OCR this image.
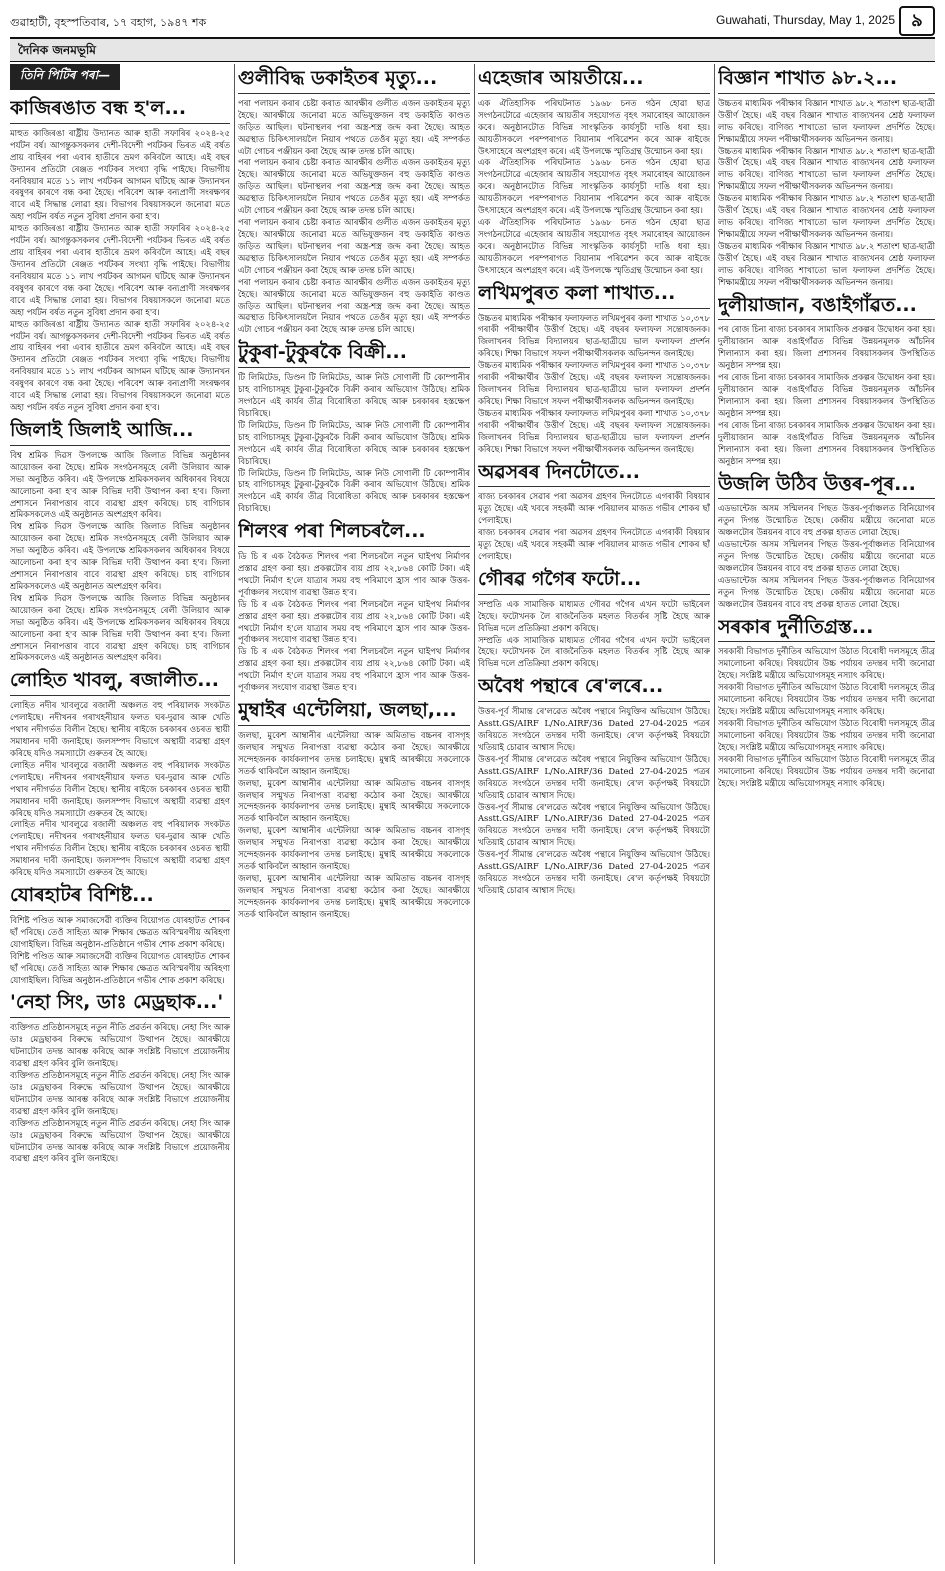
গুৱাহাটী, বৃহস্পতিবাৰ, ১৭ বহাগ, ১৯৪৭ শক	Guwahati, Thursday, May 1, 2025 ৯
দৈনিক জনমভূমি
তিনি পিটিৰ পৰা—
কাজিৰঙাত বন্ধ হ'ল...

মাহুত কাজিৰঙা ৰাষ্ট্ৰীয় উদ্যানত আৰু হাতী সফাৰিৰ ২০২৪-২৫ পৰ্যটন বৰ্ষ। আগন্তুকসকলৰ দেশী-বিদেশী পৰ্যটকৰ ভিৰত এই বৰ্ষত প্ৰায় বাহিৰৰ পৰা এবাৰ হাতীৰে ভ্ৰমণ কৰিবলৈ আহে। এই বছৰ উদ্যানৰ প্ৰতিটো ৰেঞ্জত পৰ্যটকৰ সংখ্যা বৃদ্ধি পাইছে। বিভাগীয় বনবিষয়াৰ মতে ১১ লাখ পৰ্যটকৰ আগমন ঘটিছে আৰু উদ্যানখন বৰষুণৰ কাৰণে বন্ধ কৰা হৈছে। পৰিবেশ আৰু বন্যপ্ৰাণী সংৰক্ষণৰ বাবে এই সিদ্ধান্ত লোৱা হয়। বিভাগৰ বিষয়াসকলে জনোৱা মতে অহা পৰ্যটন বৰ্ষত নতুন সুবিধা প্ৰদান কৰা হ'ব।

মাহুত কাজিৰঙা ৰাষ্ট্ৰীয় উদ্যানত আৰু হাতী সফাৰিৰ ২০২৪-২৫ পৰ্যটন বৰ্ষ। আগন্তুকসকলৰ দেশী-বিদেশী পৰ্যটকৰ ভিৰত এই বৰ্ষত প্ৰায় বাহিৰৰ পৰা এবাৰ হাতীৰে ভ্ৰমণ কৰিবলৈ আহে। এই বছৰ উদ্যানৰ প্ৰতিটো ৰেঞ্জত পৰ্যটকৰ সংখ্যা বৃদ্ধি পাইছে। বিভাগীয় বনবিষয়াৰ মতে ১১ লাখ পৰ্যটকৰ আগমন ঘটিছে আৰু উদ্যানখন বৰষুণৰ কাৰণে বন্ধ কৰা হৈছে। পৰিবেশ আৰু বন্যপ্ৰাণী সংৰক্ষণৰ বাবে এই সিদ্ধান্ত লোৱা হয়। বিভাগৰ বিষয়াসকলে জনোৱা মতে অহা পৰ্যটন বৰ্ষত নতুন সুবিধা প্ৰদান কৰা হ'ব।

মাহুত কাজিৰঙা ৰাষ্ট্ৰীয় উদ্যানত আৰু হাতী সফাৰিৰ ২০২৪-২৫ পৰ্যটন বৰ্ষ। আগন্তুকসকলৰ দেশী-বিদেশী পৰ্যটকৰ ভিৰত এই বৰ্ষত প্ৰায় বাহিৰৰ পৰা এবাৰ হাতীৰে ভ্ৰমণ কৰিবলৈ আহে। এই বছৰ উদ্যানৰ প্ৰতিটো ৰেঞ্জত পৰ্যটকৰ সংখ্যা বৃদ্ধি পাইছে। বিভাগীয় বনবিষয়াৰ মতে ১১ লাখ পৰ্যটকৰ আগমন ঘটিছে আৰু উদ্যানখন বৰষুণৰ কাৰণে বন্ধ কৰা হৈছে। পৰিবেশ আৰু বন্যপ্ৰাণী সংৰক্ষণৰ বাবে এই সিদ্ধান্ত লোৱা হয়। বিভাগৰ বিষয়াসকলে জনোৱা মতে অহা পৰ্যটন বৰ্ষত নতুন সুবিধা প্ৰদান কৰা হ'ব।

জিলাই জিলাই আজি...

বিশ্ব শ্ৰমিক দিৱস উপলক্ষে আজি জিলাত বিভিন্ন অনুষ্ঠানৰ আয়োজন কৰা হৈছে। শ্ৰমিক সংগঠনসমূহে ৰেলী উলিয়াব আৰু সভা অনুষ্ঠিত কৰিব। এই উপলক্ষে শ্ৰমিকসকলৰ অধিকাৰৰ বিষয়ে আলোচনা কৰা হ'ব আৰু বিভিন্ন দাবী উত্থাপন কৰা হ'ব। জিলা প্ৰশাসনে নিৰাপত্তাৰ বাবে ব্যৱস্থা গ্ৰহণ কৰিছে। চাহ বাগিচাৰ শ্ৰমিকসকলেও এই অনুষ্ঠানত অংশগ্ৰহণ কৰিব।

বিশ্ব শ্ৰমিক দিৱস উপলক্ষে আজি জিলাত বিভিন্ন অনুষ্ঠানৰ আয়োজন কৰা হৈছে। শ্ৰমিক সংগঠনসমূহে ৰেলী উলিয়াব আৰু সভা অনুষ্ঠিত কৰিব। এই উপলক্ষে শ্ৰমিকসকলৰ অধিকাৰৰ বিষয়ে আলোচনা কৰা হ'ব আৰু বিভিন্ন দাবী উত্থাপন কৰা হ'ব। জিলা প্ৰশাসনে নিৰাপত্তাৰ বাবে ব্যৱস্থা গ্ৰহণ কৰিছে। চাহ বাগিচাৰ শ্ৰমিকসকলেও এই অনুষ্ঠানত অংশগ্ৰহণ কৰিব।

বিশ্ব শ্ৰমিক দিৱস উপলক্ষে আজি জিলাত বিভিন্ন অনুষ্ঠানৰ আয়োজন কৰা হৈছে। শ্ৰমিক সংগঠনসমূহে ৰেলী উলিয়াব আৰু সভা অনুষ্ঠিত কৰিব। এই উপলক্ষে শ্ৰমিকসকলৰ অধিকাৰৰ বিষয়ে আলোচনা কৰা হ'ব আৰু বিভিন্ন দাবী উত্থাপন কৰা হ'ব। জিলা প্ৰশাসনে নিৰাপত্তাৰ বাবে ব্যৱস্থা গ্ৰহণ কৰিছে। চাহ বাগিচাৰ শ্ৰমিকসকলেও এই অনুষ্ঠানত অংশগ্ৰহণ কৰিব।

লোহিত খাবলু, ৰজালীত...

লোহিত নদীৰ খাবলুৱে ৰজালী অঞ্চলত বহু পৰিয়ালক সংকটত পেলাইছে। নদীখনৰ গৰাখহনীয়াৰ ফলত ঘৰ-দুৱাৰ আৰু খেতি পথাৰ নদীগৰ্ভত বিলীন হৈছে। স্থানীয় ৰাইজে চৰকাৰৰ ওচৰত স্থায়ী সমাধানৰ দাবী জনাইছে। জলসম্পদ বিভাগে অস্থায়ী ব্যৱস্থা গ্ৰহণ কৰিছে যদিও সমস্যাটো গুৰুতৰ হৈ আছে।

লোহিত নদীৰ খাবলুৱে ৰজালী অঞ্চলত বহু পৰিয়ালক সংকটত পেলাইছে। নদীখনৰ গৰাখহনীয়াৰ ফলত ঘৰ-দুৱাৰ আৰু খেতি পথাৰ নদীগৰ্ভত বিলীন হৈছে। স্থানীয় ৰাইজে চৰকাৰৰ ওচৰত স্থায়ী সমাধানৰ দাবী জনাইছে। জলসম্পদ বিভাগে অস্থায়ী ব্যৱস্থা গ্ৰহণ কৰিছে যদিও সমস্যাটো গুৰুতৰ হৈ আছে।

লোহিত নদীৰ খাবলুৱে ৰজালী অঞ্চলত বহু পৰিয়ালক সংকটত পেলাইছে। নদীখনৰ গৰাখহনীয়াৰ ফলত ঘৰ-দুৱাৰ আৰু খেতি পথাৰ নদীগৰ্ভত বিলীন হৈছে। স্থানীয় ৰাইজে চৰকাৰৰ ওচৰত স্থায়ী সমাধানৰ দাবী জনাইছে। জলসম্পদ বিভাগে অস্থায়ী ব্যৱস্থা গ্ৰহণ কৰিছে যদিও সমস্যাটো গুৰুতৰ হৈ আছে।

যোৰহাটৰ বিশিষ্ট...

বিশিষ্ট পণ্ডিত আৰু সমাজসেৱী ব্যক্তিৰ বিয়োগত যোৰহাটত শোকৰ ছাঁ পৰিছে। তেওঁ সাহিত্য আৰু শিক্ষাৰ ক্ষেত্ৰত অবিস্মৰণীয় অৰিহণা যোগাইছিল। বিভিন্ন অনুষ্ঠান-প্ৰতিষ্ঠানে গভীৰ শোক প্ৰকাশ কৰিছে।

বিশিষ্ট পণ্ডিত আৰু সমাজসেৱী ব্যক্তিৰ বিয়োগত যোৰহাটত শোকৰ ছাঁ পৰিছে। তেওঁ সাহিত্য আৰু শিক্ষাৰ ক্ষেত্ৰত অবিস্মৰণীয় অৰিহণা যোগাইছিল। বিভিন্ন অনুষ্ঠান-প্ৰতিষ্ঠানে গভীৰ শোক প্ৰকাশ কৰিছে।

'নেহা সিং, ডাঃ মেড্ৰছাক...'

ব্যক্তিগত প্ৰতিষ্ঠানসমূহে নতুন নীতি প্ৰৱৰ্তন কৰিছে। নেহা সিং আৰু ডাঃ মেড্ৰছাকৰ বিৰুদ্ধে অভিযোগ উত্থাপন হৈছে। আৰক্ষীয়ে ঘটনাটোৰ তদন্ত আৰম্ভ কৰিছে আৰু সংশ্লিষ্ট বিভাগে প্ৰয়োজনীয় ব্যৱস্থা গ্ৰহণ কৰিব বুলি জনাইছে।

ব্যক্তিগত প্ৰতিষ্ঠানসমূহে নতুন নীতি প্ৰৱৰ্তন কৰিছে। নেহা সিং আৰু ডাঃ মেড্ৰছাকৰ বিৰুদ্ধে অভিযোগ উত্থাপন হৈছে। আৰক্ষীয়ে ঘটনাটোৰ তদন্ত আৰম্ভ কৰিছে আৰু সংশ্লিষ্ট বিভাগে প্ৰয়োজনীয় ব্যৱস্থা গ্ৰহণ কৰিব বুলি জনাইছে।

ব্যক্তিগত প্ৰতিষ্ঠানসমূহে নতুন নীতি প্ৰৱৰ্তন কৰিছে। নেহা সিং আৰু ডাঃ মেড্ৰছাকৰ বিৰুদ্ধে অভিযোগ উত্থাপন হৈছে। আৰক্ষীয়ে ঘটনাটোৰ তদন্ত আৰম্ভ কৰিছে আৰু সংশ্লিষ্ট বিভাগে প্ৰয়োজনীয় ব্যৱস্থা গ্ৰহণ কৰিব বুলি জনাইছে।

গুলীবিদ্ধ ডকাইতৰ মৃত্যু...

পৰা পলায়ন কৰাৰ চেষ্টা কৰাত আৰক্ষীৰ গুলীত এজন ডকাইতৰ মৃত্যু হৈছে। আৰক্ষীয়ে জনোৱা মতে অভিযুক্তজন বহু ডকাইতি কাণ্ডত জড়িত আছিল। ঘটনাস্থলৰ পৰা অস্ত্ৰ-শস্ত্ৰ জব্দ কৰা হৈছে। আহত অৱস্থাত চিকিৎসালয়লৈ নিয়াৰ পথতে তেওঁৰ মৃত্যু হয়। এই সম্পৰ্কত এটা গোচৰ পঞ্জীয়ন কৰা হৈছে আৰু তদন্ত চলি আছে।

পৰা পলায়ন কৰাৰ চেষ্টা কৰাত আৰক্ষীৰ গুলীত এজন ডকাইতৰ মৃত্যু হৈছে। আৰক্ষীয়ে জনোৱা মতে অভিযুক্তজন বহু ডকাইতি কাণ্ডত জড়িত আছিল। ঘটনাস্থলৰ পৰা অস্ত্ৰ-শস্ত্ৰ জব্দ কৰা হৈছে। আহত অৱস্থাত চিকিৎসালয়লৈ নিয়াৰ পথতে তেওঁৰ মৃত্যু হয়। এই সম্পৰ্কত এটা গোচৰ পঞ্জীয়ন কৰা হৈছে আৰু তদন্ত চলি আছে।

পৰা পলায়ন কৰাৰ চেষ্টা কৰাত আৰক্ষীৰ গুলীত এজন ডকাইতৰ মৃত্যু হৈছে। আৰক্ষীয়ে জনোৱা মতে অভিযুক্তজন বহু ডকাইতি কাণ্ডত জড়িত আছিল। ঘটনাস্থলৰ পৰা অস্ত্ৰ-শস্ত্ৰ জব্দ কৰা হৈছে। আহত অৱস্থাত চিকিৎসালয়লৈ নিয়াৰ পথতে তেওঁৰ মৃত্যু হয়। এই সম্পৰ্কত এটা গোচৰ পঞ্জীয়ন কৰা হৈছে আৰু তদন্ত চলি আছে।

পৰা পলায়ন কৰাৰ চেষ্টা কৰাত আৰক্ষীৰ গুলীত এজন ডকাইতৰ মৃত্যু হৈছে। আৰক্ষীয়ে জনোৱা মতে অভিযুক্তজন বহু ডকাইতি কাণ্ডত জড়িত আছিল। ঘটনাস্থলৰ পৰা অস্ত্ৰ-শস্ত্ৰ জব্দ কৰা হৈছে। আহত অৱস্থাত চিকিৎসালয়লৈ নিয়াৰ পথতে তেওঁৰ মৃত্যু হয়। এই সম্পৰ্কত এটা গোচৰ পঞ্জীয়ন কৰা হৈছে আৰু তদন্ত চলি আছে।

টুকুৰা-টুকুৰকৈ বিক্ৰী...

টি লিমিটেড, ডিণ্ডন টি লিমিটেড, আৰু নিউ সোণালী টি কোম্পানীৰ চাহ বাগিচাসমূহ টুকুৰা-টুকুৰকৈ বিক্ৰী কৰাৰ অভিযোগ উঠিছে। শ্ৰমিক সংগঠনে এই কাৰ্যৰ তীব্ৰ বিৰোধিতা কৰিছে আৰু চৰকাৰৰ হস্তক্ষেপ বিচাৰিছে।

টি লিমিটেড, ডিণ্ডন টি লিমিটেড, আৰু নিউ সোণালী টি কোম্পানীৰ চাহ বাগিচাসমূহ টুকুৰা-টুকুৰকৈ বিক্ৰী কৰাৰ অভিযোগ উঠিছে। শ্ৰমিক সংগঠনে এই কাৰ্যৰ তীব্ৰ বিৰোধিতা কৰিছে আৰু চৰকাৰৰ হস্তক্ষেপ বিচাৰিছে।

টি লিমিটেড, ডিণ্ডন টি লিমিটেড, আৰু নিউ সোণালী টি কোম্পানীৰ চাহ বাগিচাসমূহ টুকুৰা-টুকুৰকৈ বিক্ৰী কৰাৰ অভিযোগ উঠিছে। শ্ৰমিক সংগঠনে এই কাৰ্যৰ তীব্ৰ বিৰোধিতা কৰিছে আৰু চৰকাৰৰ হস্তক্ষেপ বিচাৰিছে।

শিলংৰ পৰা শিলচৰলৈ...

ডি চি ৰ এক বৈঠকত শিলংৰ পৰা শিলচৰলৈ নতুন ঘাইপথ নিৰ্মাণৰ প্ৰস্তাৱ গ্ৰহণ কৰা হয়। প্ৰকল্পটোৰ ব্যয় প্ৰায় ২২,৮৬৪ কোটি টকা। এই পথটো নিৰ্মাণ হ'লে যাত্ৰাৰ সময় বহু পৰিমাণে হ্ৰাস পাব আৰু উত্তৰ-পূৰ্বাঞ্চলৰ সংযোগ ব্যৱস্থা উন্নত হ'ব।

ডি চি ৰ এক বৈঠকত শিলংৰ পৰা শিলচৰলৈ নতুন ঘাইপথ নিৰ্মাণৰ প্ৰস্তাৱ গ্ৰহণ কৰা হয়। প্ৰকল্পটোৰ ব্যয় প্ৰায় ২২,৮৬৪ কোটি টকা। এই পথটো নিৰ্মাণ হ'লে যাত্ৰাৰ সময় বহু পৰিমাণে হ্ৰাস পাব আৰু উত্তৰ-পূৰ্বাঞ্চলৰ সংযোগ ব্যৱস্থা উন্নত হ'ব।

ডি চি ৰ এক বৈঠকত শিলংৰ পৰা শিলচৰলৈ নতুন ঘাইপথ নিৰ্মাণৰ প্ৰস্তাৱ গ্ৰহণ কৰা হয়। প্ৰকল্পটোৰ ব্যয় প্ৰায় ২২,৮৬৪ কোটি টকা। এই পথটো নিৰ্মাণ হ'লে যাত্ৰাৰ সময় বহু পৰিমাণে হ্ৰাস পাব আৰু উত্তৰ-পূৰ্বাঞ্চলৰ সংযোগ ব্যৱস্থা উন্নত হ'ব।

মুম্বাইৰ এন্টেলিয়া, জলছা,...

জলছা, মুকেশ আম্বানীৰ এন্টেলিয়া আৰু অমিতাভ বচ্চনৰ বাসগৃহ জলছাৰ সন্মুখত নিৰাপত্তা ব্যৱস্থা কঠোৰ কৰা হৈছে। আৰক্ষীয়ে সন্দেহজনক কাৰ্যকলাপৰ তদন্ত চলাইছে। মুম্বাই আৰক্ষীয়ে সকলোকে সতৰ্ক থাকিবলৈ আহ্বান জনাইছে।

জলছা, মুকেশ আম্বানীৰ এন্টেলিয়া আৰু অমিতাভ বচ্চনৰ বাসগৃহ জলছাৰ সন্মুখত নিৰাপত্তা ব্যৱস্থা কঠোৰ কৰা হৈছে। আৰক্ষীয়ে সন্দেহজনক কাৰ্যকলাপৰ তদন্ত চলাইছে। মুম্বাই আৰক্ষীয়ে সকলোকে সতৰ্ক থাকিবলৈ আহ্বান জনাইছে।

জলছা, মুকেশ আম্বানীৰ এন্টেলিয়া আৰু অমিতাভ বচ্চনৰ বাসগৃহ জলছাৰ সন্মুখত নিৰাপত্তা ব্যৱস্থা কঠোৰ কৰা হৈছে। আৰক্ষীয়ে সন্দেহজনক কাৰ্যকলাপৰ তদন্ত চলাইছে। মুম্বাই আৰক্ষীয়ে সকলোকে সতৰ্ক থাকিবলৈ আহ্বান জনাইছে।

জলছা, মুকেশ আম্বানীৰ এন্টেলিয়া আৰু অমিতাভ বচ্চনৰ বাসগৃহ জলছাৰ সন্মুখত নিৰাপত্তা ব্যৱস্থা কঠোৰ কৰা হৈছে। আৰক্ষীয়ে সন্দেহজনক কাৰ্যকলাপৰ তদন্ত চলাইছে। মুম্বাই আৰক্ষীয়ে সকলোকে সতৰ্ক থাকিবলৈ আহ্বান জনাইছে।

এহেজাৰ আয়তীয়ে...

এক ঐতিহাসিক পৰিঘটনাত ১৯৬৮ চনত গঠন হোৱা ছাত্ৰ সংগঠনটোৱে এহেজাৰ আয়তীৰ সহযোগত বৃহৎ সমাৰোহৰ আয়োজন কৰে। অনুষ্ঠানটোত বিভিন্ন সাংস্কৃতিক কাৰ্যসূচী দাঙি ধৰা হয়। আয়তীসকলে পৰম্পৰাগত বিয়ানাম পৰিৱেশন কৰে আৰু ৰাইজে উৎসাহেৰে অংশগ্ৰহণ কৰে। এই উপলক্ষে স্মৃতিগ্ৰন্থ উন্মোচন কৰা হয়।

এক ঐতিহাসিক পৰিঘটনাত ১৯৬৮ চনত গঠন হোৱা ছাত্ৰ সংগঠনটোৱে এহেজাৰ আয়তীৰ সহযোগত বৃহৎ সমাৰোহৰ আয়োজন কৰে। অনুষ্ঠানটোত বিভিন্ন সাংস্কৃতিক কাৰ্যসূচী দাঙি ধৰা হয়। আয়তীসকলে পৰম্পৰাগত বিয়ানাম পৰিৱেশন কৰে আৰু ৰাইজে উৎসাহেৰে অংশগ্ৰহণ কৰে। এই উপলক্ষে স্মৃতিগ্ৰন্থ উন্মোচন কৰা হয়।

এক ঐতিহাসিক পৰিঘটনাত ১৯৬৮ চনত গঠন হোৱা ছাত্ৰ সংগঠনটোৱে এহেজাৰ আয়তীৰ সহযোগত বৃহৎ সমাৰোহৰ আয়োজন কৰে। অনুষ্ঠানটোত বিভিন্ন সাংস্কৃতিক কাৰ্যসূচী দাঙি ধৰা হয়। আয়তীসকলে পৰম্পৰাগত বিয়ানাম পৰিৱেশন কৰে আৰু ৰাইজে উৎসাহেৰে অংশগ্ৰহণ কৰে। এই উপলক্ষে স্মৃতিগ্ৰন্থ উন্মোচন কৰা হয়।

লখিমপুৰত কলা শাখাত...

উচ্চতৰ মাধ্যমিক পৰীক্ষাৰ ফলাফলত লখিমপুৰৰ কলা শাখাত ১০,৩৭৮ গৰাকী পৰীক্ষাৰ্থীৰ উত্তীৰ্ণ হৈছে। এই বছৰৰ ফলাফল সন্তোষজনক। জিলাখনৰ বিভিন্ন বিদ্যালয়ৰ ছাত্ৰ-ছাত্ৰীয়ে ভাল ফলাফল প্ৰদৰ্শন কৰিছে। শিক্ষা বিভাগে সফল পৰীক্ষাৰ্থীসকলক অভিনন্দন জনাইছে।

উচ্চতৰ মাধ্যমিক পৰীক্ষাৰ ফলাফলত লখিমপুৰৰ কলা শাখাত ১০,৩৭৮ গৰাকী পৰীক্ষাৰ্থীৰ উত্তীৰ্ণ হৈছে। এই বছৰৰ ফলাফল সন্তোষজনক। জিলাখনৰ বিভিন্ন বিদ্যালয়ৰ ছাত্ৰ-ছাত্ৰীয়ে ভাল ফলাফল প্ৰদৰ্শন কৰিছে। শিক্ষা বিভাগে সফল পৰীক্ষাৰ্থীসকলক অভিনন্দন জনাইছে।

উচ্চতৰ মাধ্যমিক পৰীক্ষাৰ ফলাফলত লখিমপুৰৰ কলা শাখাত ১০,৩৭৮ গৰাকী পৰীক্ষাৰ্থীৰ উত্তীৰ্ণ হৈছে। এই বছৰৰ ফলাফল সন্তোষজনক। জিলাখনৰ বিভিন্ন বিদ্যালয়ৰ ছাত্ৰ-ছাত্ৰীয়ে ভাল ফলাফল প্ৰদৰ্শন কৰিছে। শিক্ষা বিভাগে সফল পৰীক্ষাৰ্থীসকলক অভিনন্দন জনাইছে।

অৱসৰৰ দিনটোতে...

ৰাজ্য চৰকাৰৰ সেৱাৰ পৰা অৱসৰ গ্ৰহণৰ দিনটোতে এগৰাকী বিষয়াৰ মৃত্যু হৈছে। এই খবৰে সহকৰ্মী আৰু পৰিয়ালৰ মাজত গভীৰ শোকৰ ছাঁ পেলাইছে।

ৰাজ্য চৰকাৰৰ সেৱাৰ পৰা অৱসৰ গ্ৰহণৰ দিনটোতে এগৰাকী বিষয়াৰ মৃত্যু হৈছে। এই খবৰে সহকৰ্মী আৰু পৰিয়ালৰ মাজত গভীৰ শোকৰ ছাঁ পেলাইছে।

গৌৰৱ গগৈৰ ফটো...

সম্প্ৰতি এক সামাজিক মাধ্যমত গৌৰৱ গগৈৰ এখন ফটো ভাইৰেল হৈছে। ফটোখনক লৈ ৰাজনৈতিক মহলত বিতৰ্কৰ সৃষ্টি হৈছে আৰু বিভিন্ন দলে প্ৰতিক্ৰিয়া প্ৰকাশ কৰিছে।

সম্প্ৰতি এক সামাজিক মাধ্যমত গৌৰৱ গগৈৰ এখন ফটো ভাইৰেল হৈছে। ফটোখনক লৈ ৰাজনৈতিক মহলত বিতৰ্কৰ সৃষ্টি হৈছে আৰু বিভিন্ন দলে প্ৰতিক্ৰিয়া প্ৰকাশ কৰিছে।

অবৈধ পন্থাৰে ৰে'লৰে...

উত্তৰ-পূৰ্ব সীমান্ত ৰে'লৱেত অবৈধ পন্থাৰে নিযুক্তিৰ অভিযোগ উঠিছে। Asstt.GS/AIRF L/No.AIRF/36 Dated 27-04-2025 পত্ৰৰ জৰিয়তে সংগঠনে তদন্তৰ দাবী জনাইছে। ৰে'ল কৰ্তৃপক্ষই বিষয়টো খতিয়াই চোৱাৰ আশ্বাস দিছে।

উত্তৰ-পূৰ্ব সীমান্ত ৰে'লৱেত অবৈধ পন্থাৰে নিযুক্তিৰ অভিযোগ উঠিছে। Asstt.GS/AIRF L/No.AIRF/36 Dated 27-04-2025 পত্ৰৰ জৰিয়তে সংগঠনে তদন্তৰ দাবী জনাইছে। ৰে'ল কৰ্তৃপক্ষই বিষয়টো খতিয়াই চোৱাৰ আশ্বাস দিছে।

উত্তৰ-পূৰ্ব সীমান্ত ৰে'লৱেত অবৈধ পন্থাৰে নিযুক্তিৰ অভিযোগ উঠিছে। Asstt.GS/AIRF L/No.AIRF/36 Dated 27-04-2025 পত্ৰৰ জৰিয়তে সংগঠনে তদন্তৰ দাবী জনাইছে। ৰে'ল কৰ্তৃপক্ষই বিষয়টো খতিয়াই চোৱাৰ আশ্বাস দিছে।

উত্তৰ-পূৰ্ব সীমান্ত ৰে'লৱেত অবৈধ পন্থাৰে নিযুক্তিৰ অভিযোগ উঠিছে। Asstt.GS/AIRF L/No.AIRF/36 Dated 27-04-2025 পত্ৰৰ জৰিয়তে সংগঠনে তদন্তৰ দাবী জনাইছে। ৰে'ল কৰ্তৃপক্ষই বিষয়টো খতিয়াই চোৱাৰ আশ্বাস দিছে।

বিজ্ঞান শাখাত ৯৮.২...

উচ্চতৰ মাধ্যমিক পৰীক্ষাৰ বিজ্ঞান শাখাত ৯৮.২ শতাংশ ছাত্ৰ-ছাত্ৰী উত্তীৰ্ণ হৈছে। এই বছৰ বিজ্ঞান শাখাত ৰাজ্যখনৰ শ্ৰেষ্ঠ ফলাফল লাভ কৰিছে। বাণিজ্য শাখাতো ভাল ফলাফল প্ৰদৰ্শিত হৈছে। শিক্ষামন্ত্ৰীয়ে সফল পৰীক্ষাৰ্থীসকলক অভিনন্দন জনায়।

উচ্চতৰ মাধ্যমিক পৰীক্ষাৰ বিজ্ঞান শাখাত ৯৮.২ শতাংশ ছাত্ৰ-ছাত্ৰী উত্তীৰ্ণ হৈছে। এই বছৰ বিজ্ঞান শাখাত ৰাজ্যখনৰ শ্ৰেষ্ঠ ফলাফল লাভ কৰিছে। বাণিজ্য শাখাতো ভাল ফলাফল প্ৰদৰ্শিত হৈছে। শিক্ষামন্ত্ৰীয়ে সফল পৰীক্ষাৰ্থীসকলক অভিনন্দন জনায়।

উচ্চতৰ মাধ্যমিক পৰীক্ষাৰ বিজ্ঞান শাখাত ৯৮.২ শতাংশ ছাত্ৰ-ছাত্ৰী উত্তীৰ্ণ হৈছে। এই বছৰ বিজ্ঞান শাখাত ৰাজ্যখনৰ শ্ৰেষ্ঠ ফলাফল লাভ কৰিছে। বাণিজ্য শাখাতো ভাল ফলাফল প্ৰদৰ্শিত হৈছে। শিক্ষামন্ত্ৰীয়ে সফল পৰীক্ষাৰ্থীসকলক অভিনন্দন জনায়।

উচ্চতৰ মাধ্যমিক পৰীক্ষাৰ বিজ্ঞান শাখাত ৯৮.২ শতাংশ ছাত্ৰ-ছাত্ৰী উত্তীৰ্ণ হৈছে। এই বছৰ বিজ্ঞান শাখাত ৰাজ্যখনৰ শ্ৰেষ্ঠ ফলাফল লাভ কৰিছে। বাণিজ্য শাখাতো ভাল ফলাফল প্ৰদৰ্শিত হৈছে। শিক্ষামন্ত্ৰীয়ে সফল পৰীক্ষাৰ্থীসকলক অভিনন্দন জনায়।

দুলীয়াজান, বঙাইগাঁৱত...

পৰ ৰোজ চিনা ৰাজ্য চৰকাৰৰ সামাজিক প্ৰকল্পৰ উদ্বোধন কৰা হয়। দুলীয়াজান আৰু বঙাইগাঁৱত বিভিন্ন উন্নয়নমূলক আঁচনিৰ শিলান্যাস কৰা হয়। জিলা প্ৰশাসনৰ বিষয়াসকলৰ উপস্থিতিত অনুষ্ঠান সম্পন্ন হয়।

পৰ ৰোজ চিনা ৰাজ্য চৰকাৰৰ সামাজিক প্ৰকল্পৰ উদ্বোধন কৰা হয়। দুলীয়াজান আৰু বঙাইগাঁৱত বিভিন্ন উন্নয়নমূলক আঁচনিৰ শিলান্যাস কৰা হয়। জিলা প্ৰশাসনৰ বিষয়াসকলৰ উপস্থিতিত অনুষ্ঠান সম্পন্ন হয়।

পৰ ৰোজ চিনা ৰাজ্য চৰকাৰৰ সামাজিক প্ৰকল্পৰ উদ্বোধন কৰা হয়। দুলীয়াজান আৰু বঙাইগাঁৱত বিভিন্ন উন্নয়নমূলক আঁচনিৰ শিলান্যাস কৰা হয়। জিলা প্ৰশাসনৰ বিষয়াসকলৰ উপস্থিতিত অনুষ্ঠান সম্পন্ন হয়।

উজলি উঠিব উত্তৰ-পূৰ...

এডভান্টেজ অসম সন্মিলনৰ পিছত উত্তৰ-পূৰ্বাঞ্চলত বিনিয়োগৰ নতুন দিগন্ত উন্মোচিত হৈছে। কেন্দ্ৰীয় মন্ত্ৰীয়ে জনোৱা মতে অঞ্চলটোৰ উন্নয়নৰ বাবে বহু প্ৰকল্প হাতত লোৱা হৈছে।

এডভান্টেজ অসম সন্মিলনৰ পিছত উত্তৰ-পূৰ্বাঞ্চলত বিনিয়োগৰ নতুন দিগন্ত উন্মোচিত হৈছে। কেন্দ্ৰীয় মন্ত্ৰীয়ে জনোৱা মতে অঞ্চলটোৰ উন্নয়নৰ বাবে বহু প্ৰকল্প হাতত লোৱা হৈছে।

এডভান্টেজ অসম সন্মিলনৰ পিছত উত্তৰ-পূৰ্বাঞ্চলত বিনিয়োগৰ নতুন দিগন্ত উন্মোচিত হৈছে। কেন্দ্ৰীয় মন্ত্ৰীয়ে জনোৱা মতে অঞ্চলটোৰ উন্নয়নৰ বাবে বহু প্ৰকল্প হাতত লোৱা হৈছে।

সৰকাৰ দুৰ্নীতিগ্ৰস্ত...

সৰকাৰী বিভাগত দুৰ্নীতিৰ অভিযোগ উঠাত বিৰোধী দলসমূহে তীব্ৰ সমালোচনা কৰিছে। বিষয়টোৰ উচ্চ পৰ্যায়ৰ তদন্তৰ দাবী জনোৱা হৈছে। সংশ্লিষ্ট মন্ত্ৰীয়ে অভিযোগসমূহ নস্যাৎ কৰিছে।

সৰকাৰী বিভাগত দুৰ্নীতিৰ অভিযোগ উঠাত বিৰোধী দলসমূহে তীব্ৰ সমালোচনা কৰিছে। বিষয়টোৰ উচ্চ পৰ্যায়ৰ তদন্তৰ দাবী জনোৱা হৈছে। সংশ্লিষ্ট মন্ত্ৰীয়ে অভিযোগসমূহ নস্যাৎ কৰিছে।

সৰকাৰী বিভাগত দুৰ্নীতিৰ অভিযোগ উঠাত বিৰোধী দলসমূহে তীব্ৰ সমালোচনা কৰিছে। বিষয়টোৰ উচ্চ পৰ্যায়ৰ তদন্তৰ দাবী জনোৱা হৈছে। সংশ্লিষ্ট মন্ত্ৰীয়ে অভিযোগসমূহ নস্যাৎ কৰিছে।

সৰকাৰী বিভাগত দুৰ্নীতিৰ অভিযোগ উঠাত বিৰোধী দলসমূহে তীব্ৰ সমালোচনা কৰিছে। বিষয়টোৰ উচ্চ পৰ্যায়ৰ তদন্তৰ দাবী জনোৱা হৈছে। সংশ্লিষ্ট মন্ত্ৰীয়ে অভিযোগসমূহ নস্যাৎ কৰিছে।
